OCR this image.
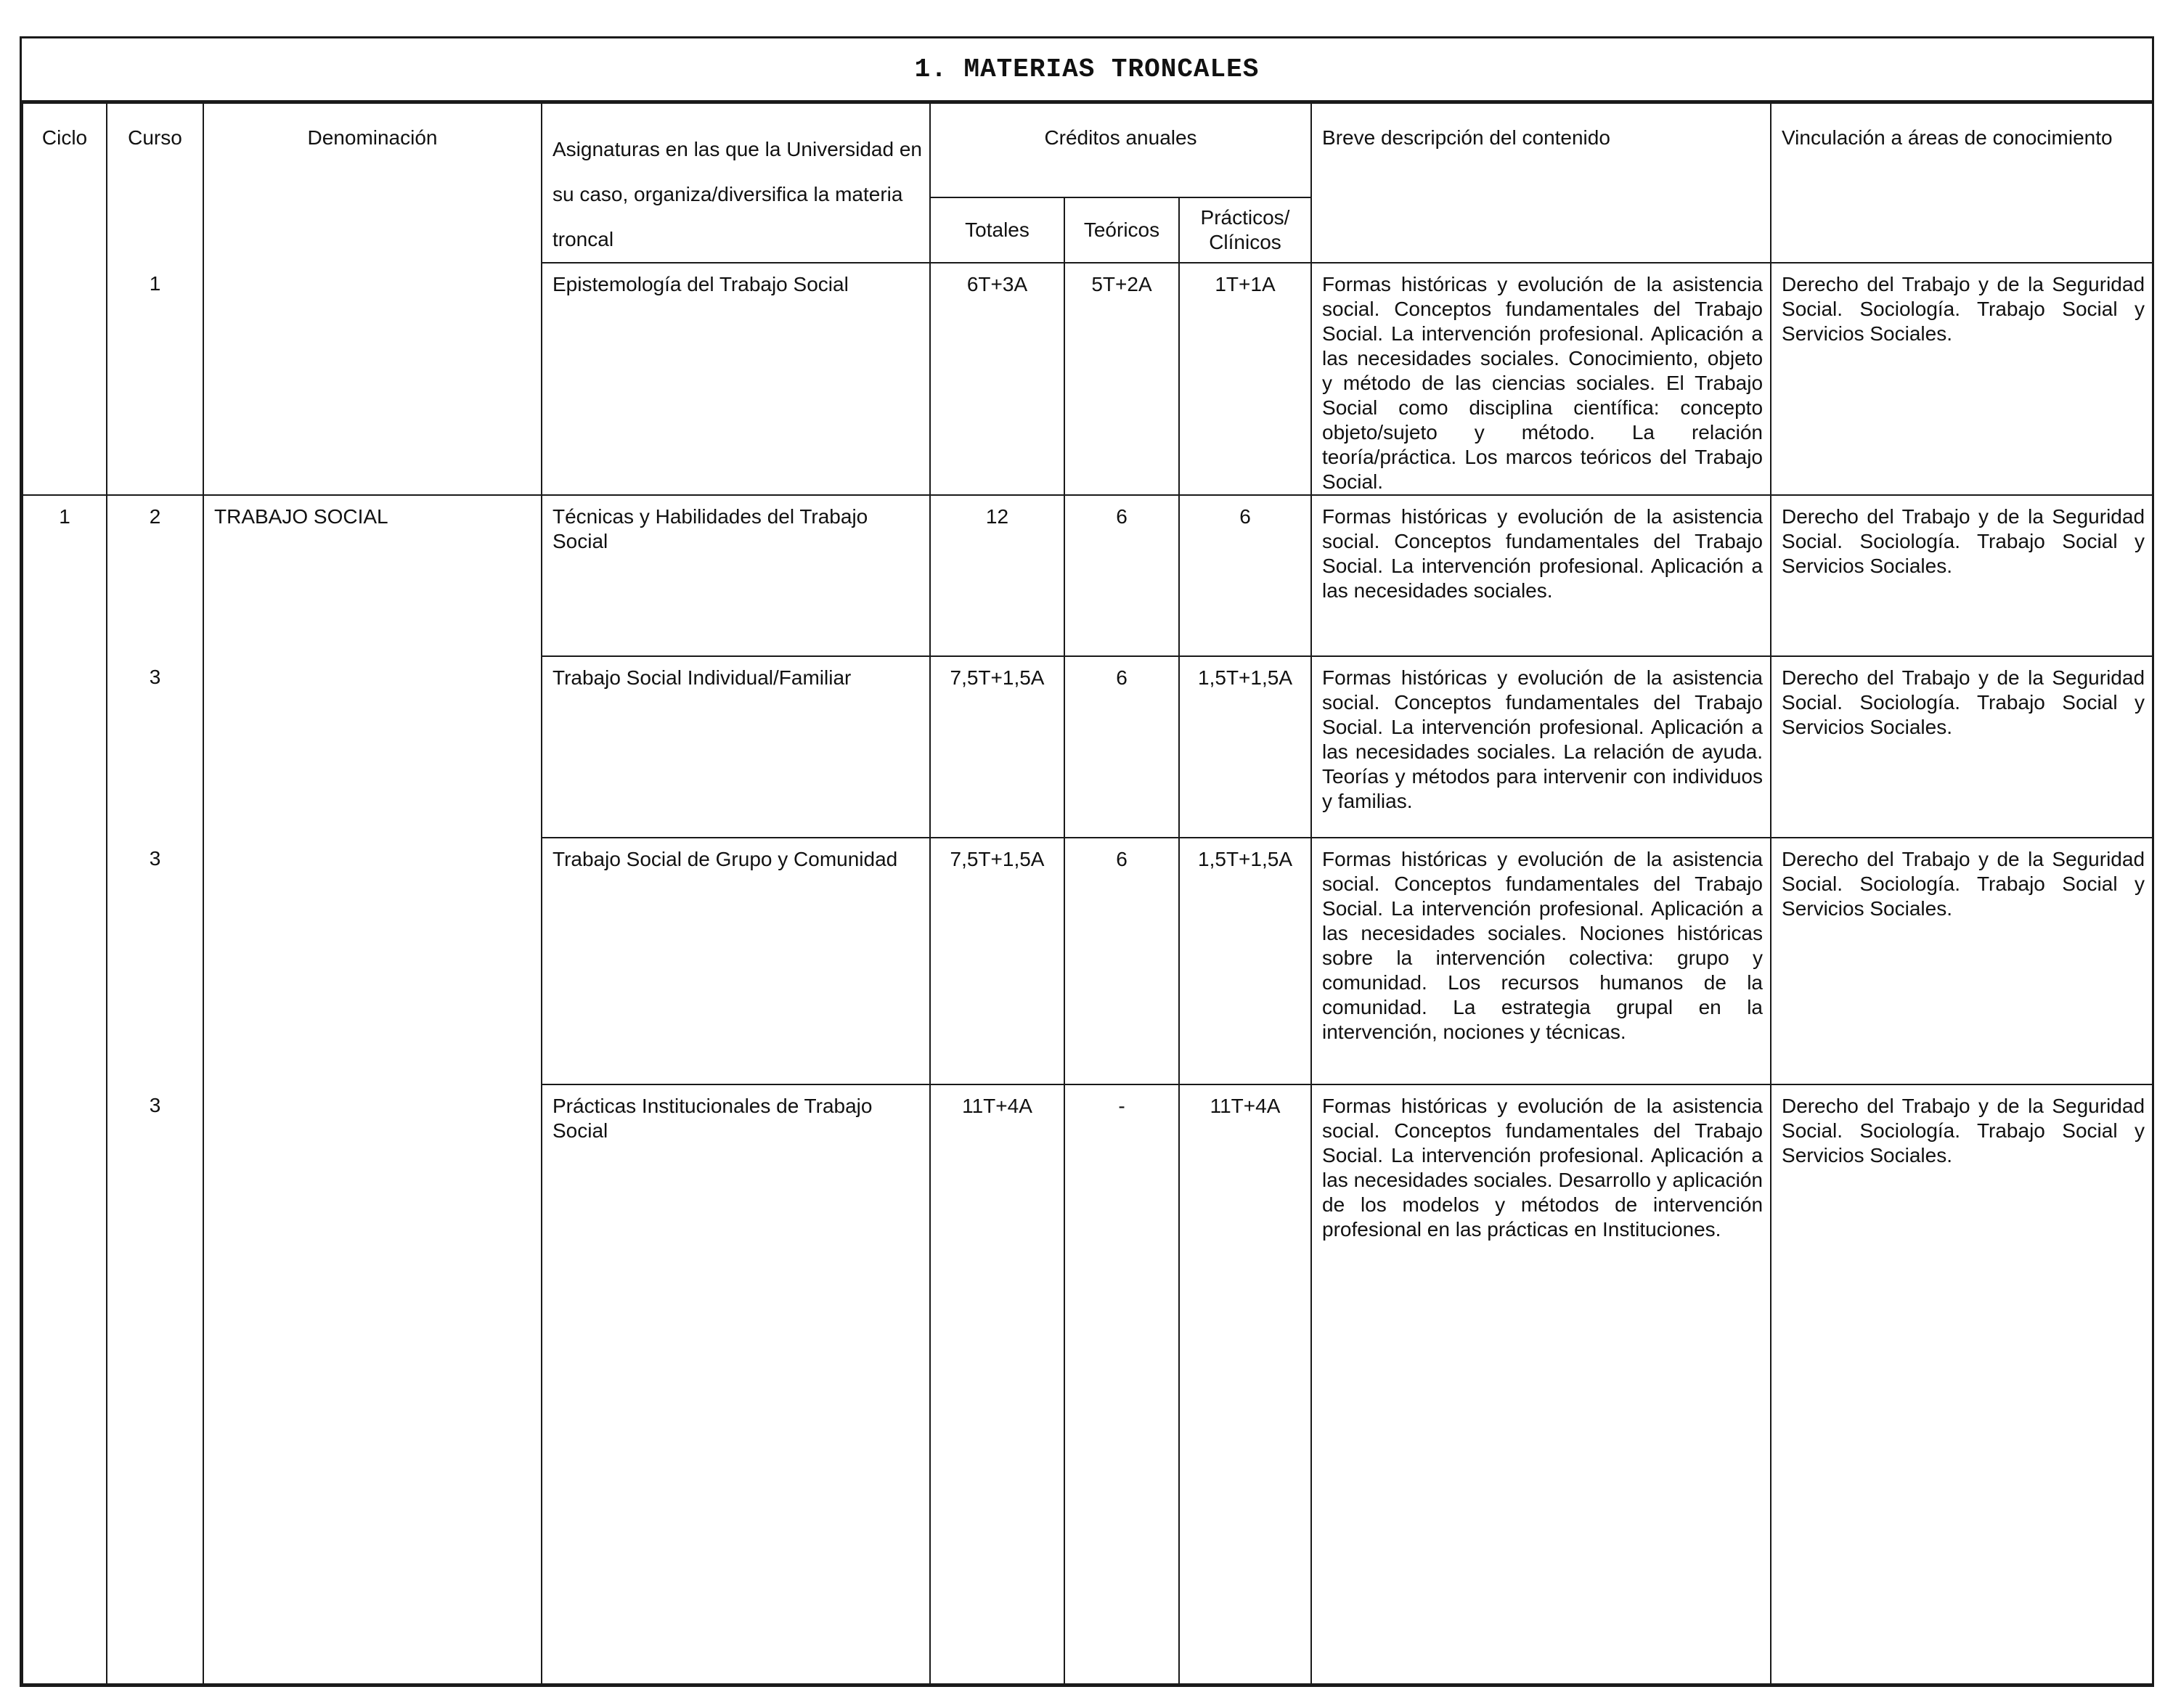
1. MATERIAS TRONCALES
Ciclo	Curso	Denominación	Asignaturas en las que la Universidad en su caso, organiza/diversifica la materia troncal	Créditos anuales			Breve descripción del contenido	Vinculación a áreas de conocimiento
				Totales	Teóricos	Prácticos/ Clínicos		
	1		Epistemología del Trabajo Social	6T+3A	5T+2A	1T+1A	Formas históricas y evolución de la asistencia social. Conceptos fundamentales del Trabajo Social. La intervención profesional. Aplicación a las necesidades sociales. Conocimiento, objeto y método de las ciencias sociales. El Trabajo Social como disciplina científica: concepto objeto/sujeto y método. La relación teoría/práctica. Los marcos teóricos del Trabajo Social.	Derecho del Trabajo y de la Seguridad Social. Sociología. Trabajo Social y Servicios Sociales.
1	2	TRABAJO SOCIAL	Técnicas y Habilidades del Trabajo Social	12	6	6	Formas históricas y evolución de la asistencia social. Conceptos fundamentales del Trabajo Social. La intervención profesional. Aplicación a las necesidades sociales.	Derecho del Trabajo y de la Seguridad Social. Sociología. Trabajo Social y Servicios Sociales.
	3		Trabajo Social Individual/Familiar	7,5T+1,5A	6	1,5T+1,5A	Formas históricas y evolución de la asistencia social. Conceptos fundamentales del Trabajo Social. La intervención profesional. Aplicación a las necesidades sociales. La relación de ayuda. Teorías y métodos para intervenir con individuos y familias.	Derecho del Trabajo y de la Seguridad Social. Sociología. Trabajo Social y Servicios Sociales.
	3		Trabajo Social de Grupo y Comunidad	7,5T+1,5A	6	1,5T+1,5A	Formas históricas y evolución de la asistencia social. Conceptos fundamentales del Trabajo Social. La intervención profesional. Aplicación a las necesidades sociales. Nociones históricas sobre la intervención colectiva: grupo y comunidad. Los recursos humanos de la comunidad. La estrategia grupal en la intervención, nociones y técnicas.	Derecho del Trabajo y de la Seguridad Social. Sociología. Trabajo Social y Servicios Sociales.
	3		Prácticas Institucionales de Trabajo Social	11T+4A	-	11T+4A	Formas históricas y evolución de la asistencia social. Conceptos fundamentales del Trabajo Social. La intervención profesional. Aplicación a las necesidades sociales. Desarrollo y aplicación de los modelos y métodos de intervención profesional en las prácticas en Instituciones.	Derecho del Trabajo y de la Seguridad Social. Sociología. Trabajo Social y Servicios Sociales.
